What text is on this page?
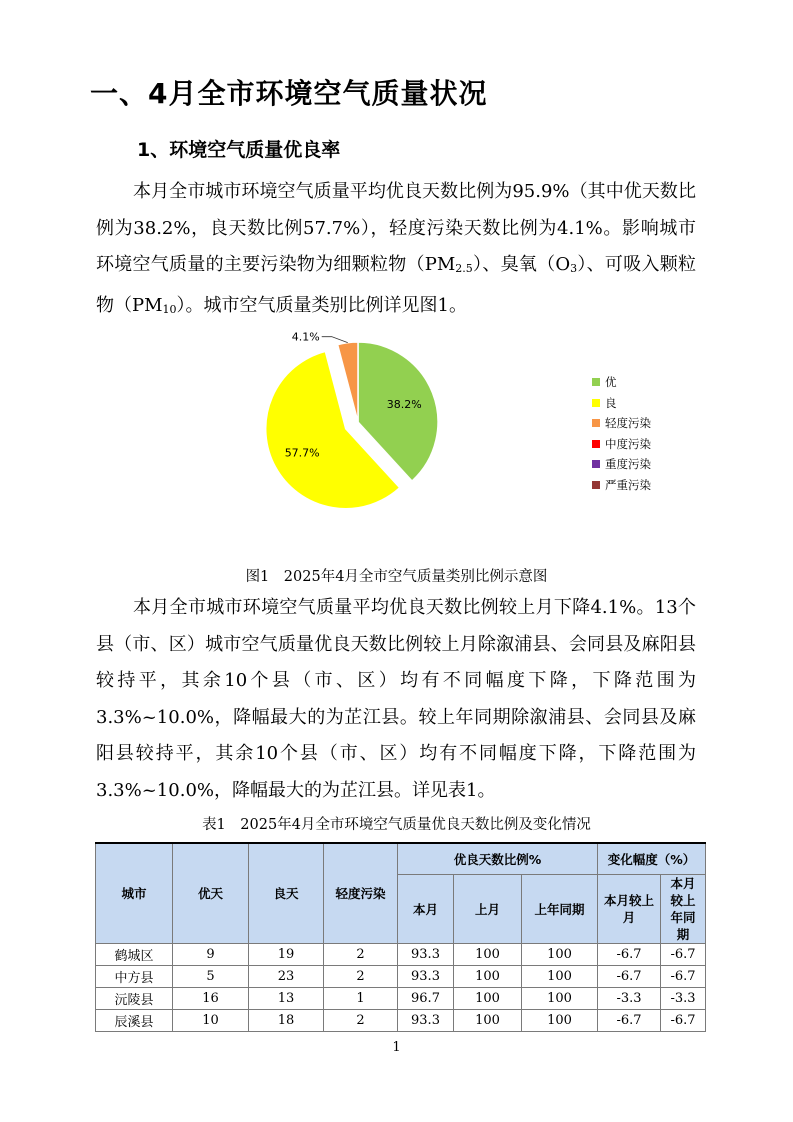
一、4月全市环境空气质量状况
1、环境空气质量优良率
本月全市城市环境空气质量平均优良天数比例为95.9%（其中优天数比例为38.2%，良天数比例57.7%），轻度污染天数比例为4.1%。影响城市环境空气质量的主要污染物为细颗粒物$(PM_{2.5})$、臭氧$(O_3)$、可吸入颗粒物$(PM_{10})$。城市空气质量类别比例详见图1。
38.2%
57.7%
4.1%
优
良
轻度污染
中度污染
重度污染
严重污染
图1　2025年4月全市空气质量类别比例示意图
本月全市城市环境空气质量平均优良天数比例较上月下降4.1%。13个县（市、区）城市空气质量优良天数比例较上月除溆浦县、会同县及麻阳县较持平，其余10个县（市、区）均有不同幅度下降，下降范围为3.3%~10.0%，降幅最大的为芷江县。较上年同期除溆浦县、会同县及麻阳县较持平，其余10个县（市、区）均有不同幅度下降，下降范围为3.3%~10.0%，降幅最大的为芷江县。详见表1。
表1　2025年4月全市环境空气质量优良天数比例及变化情况
城市	优天	良天	轻度污染	优良天数比例%			变化幅度（%）	
				本月	上月	上年同期	本月较上月	本月较上年同期
鹤城区	9	19	2	93.3	100	100	-6.7	-6.7
中方县	5	23	2	93.3	100	100	-6.7	-6.7
沅陵县	16	13	1	96.7	100	100	-3.3	-3.3
辰溪县	10	18	2	93.3	100	100	-6.7	-6.7
1
